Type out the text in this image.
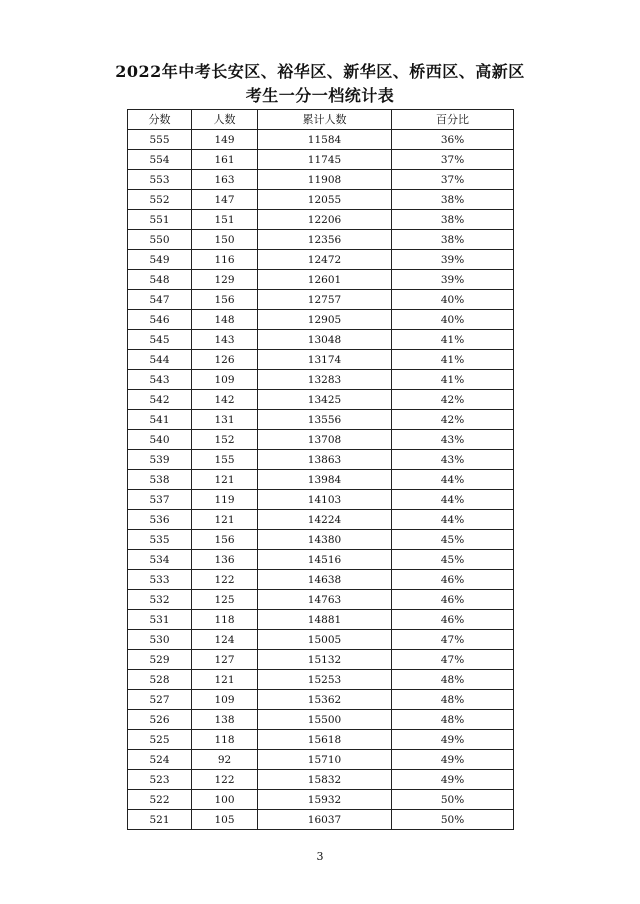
2022年中考长安区、裕华区、新华区、桥西区、高新区
考生一分一档统计表
分数	人数	累计人数	百分比
555	149	11584	36%
554	161	11745	37%
553	163	11908	37%
552	147	12055	38%
551	151	12206	38%
550	150	12356	38%
549	116	12472	39%
548	129	12601	39%
547	156	12757	40%
546	148	12905	40%
545	143	13048	41%
544	126	13174	41%
543	109	13283	41%
542	142	13425	42%
541	131	13556	42%
540	152	13708	43%
539	155	13863	43%
538	121	13984	44%
537	119	14103	44%
536	121	14224	44%
535	156	14380	45%
534	136	14516	45%
533	122	14638	46%
532	125	14763	46%
531	118	14881	46%
530	124	15005	47%
529	127	15132	47%
528	121	15253	48%
527	109	15362	48%
526	138	15500	48%
525	118	15618	49%
524	92	15710	49%
523	122	15832	49%
522	100	15932	50%
521	105	16037	50%
3
